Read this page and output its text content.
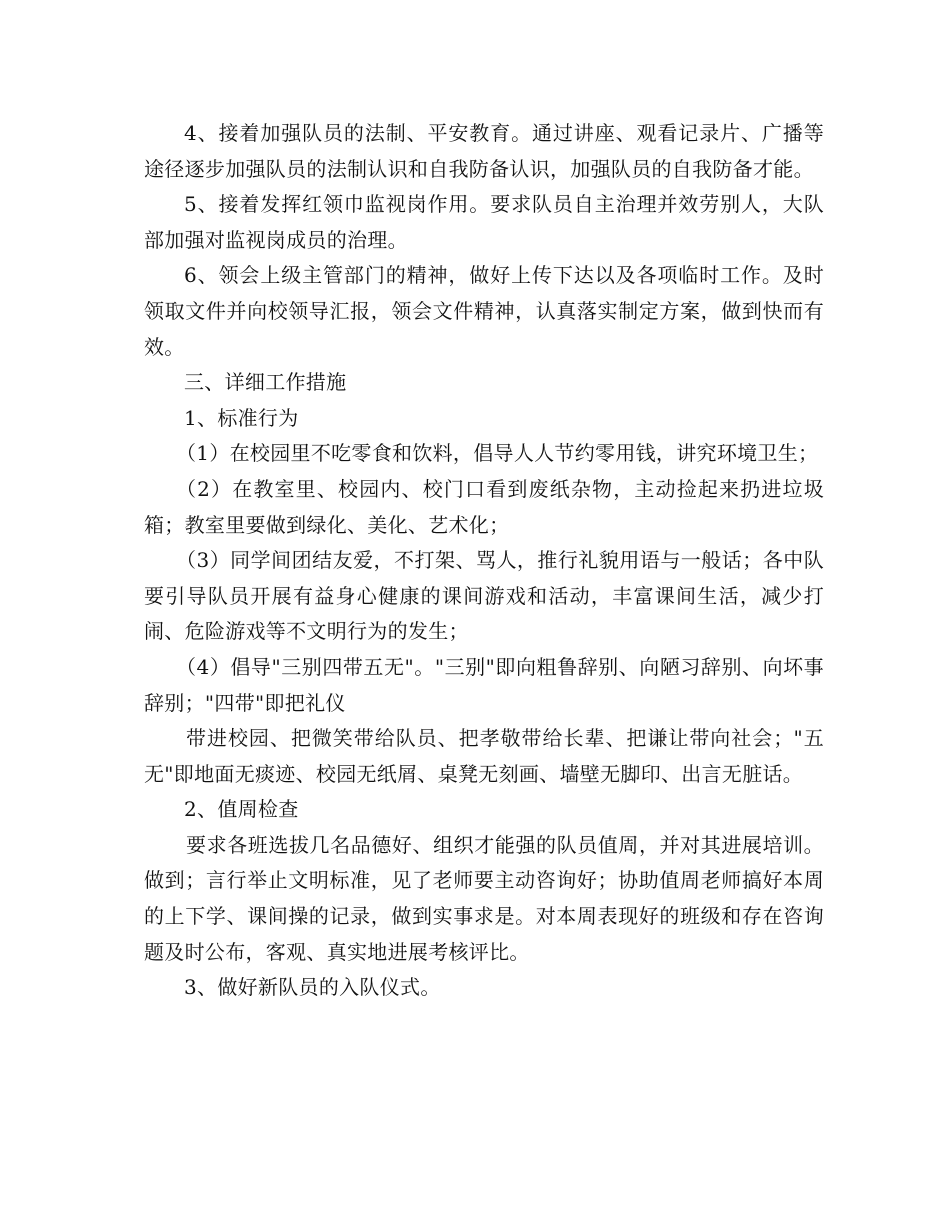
4、接着加强队员的法制、平安教育。通过讲座、观看记录片、广播等途径逐步加强队员的法制认识和自我防备认识，加强队员的自我防备才能。

5、接着发挥红领巾监视岗作用。要求队员自主治理并效劳别人，大队部加强对监视岗成员的治理。

6、领会上级主管部门的精神，做好上传下达以及各项临时工作。及时领取文件并向校领导汇报，领会文件精神，认真落实制定方案，做到快而有效。

三、详细工作措施

1、标准行为

（1）在校园里不吃零食和饮料，倡导人人节约零用钱，讲究环境卫生；

（2）在教室里、校园内、校门口看到废纸杂物，主动捡起来扔进垃圾箱；教室里要做到绿化、美化、艺术化；

（3）同学间团结友爱，不打架、骂人，推行礼貌用语与一般话；各中队要引导队员开展有益身心健康的课间游戏和活动，丰富课间生活，减少打闹、危险游戏等不文明行为的发生；

（4）倡导"三别四带五无"。"三别"即向粗鲁辞别、向陋习辞别、向坏事辞别；"四带"即把礼仪

带进校园、把微笑带给队员、把孝敬带给长辈、把谦让带向社会；"五无"即地面无痰迹、校园无纸屑、桌凳无刻画、墙壁无脚印、出言无脏话。

2、值周检查

要求各班选拔几名品德好、组织才能强的队员值周，并对其进展培训。做到；言行举止文明标准，见了老师要主动咨询好；协助值周老师搞好本周的上下学、课间操的记录，做到实事求是。对本周表现好的班级和存在咨询题及时公布，客观、真实地进展考核评比。

3、做好新队员的入队仪式。
